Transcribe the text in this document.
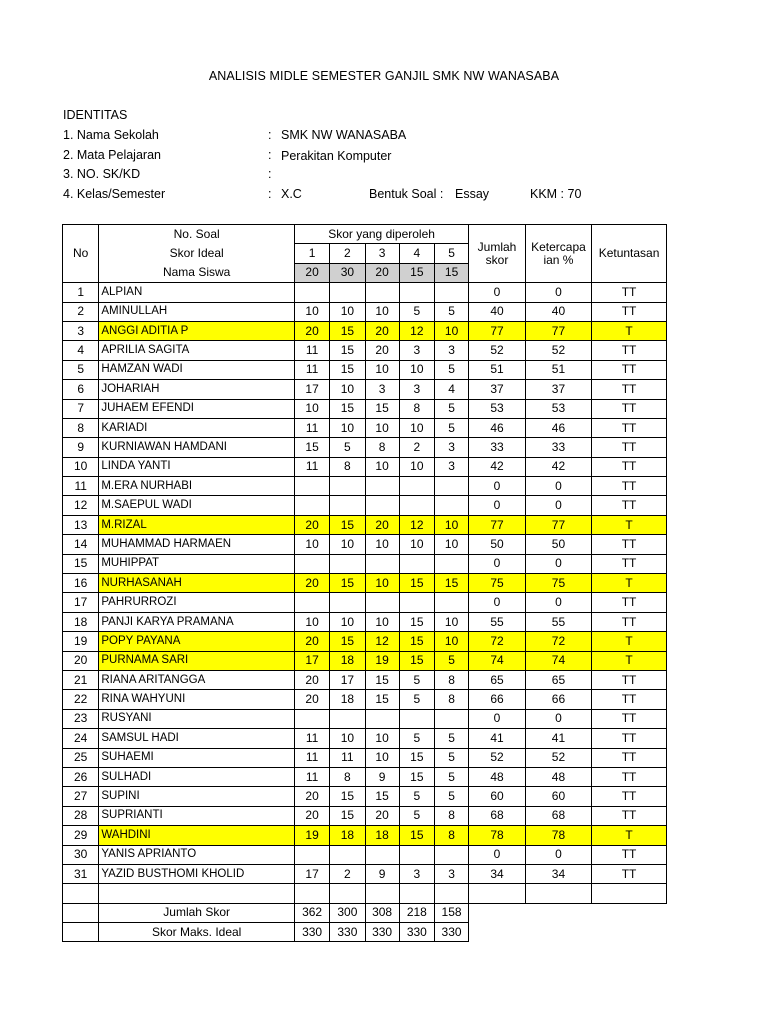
ANALISIS MIDLE SEMESTER GANJIL SMK NW WANASABA
IDENTITAS
1. Nama Sekolah	: SMK NW WANASABA
2. Mata Pelajaran	: Perakitan Komputer
3. NO. SK/KD	:
4. Kelas/Semester	: X.C	Bentuk Soal : Essay	KKM : 70
No	No. Soal	Skor yang diperoleh					Jumlah skor	Ketercapa ian %	Ketuntasan
	Skor Ideal	1	2	3	4	5			
	Nama Siswa	20	30	20	15	15			
1	ALPIAN						0	0	TT
2	AMINULLAH	10	10	10	5	5	40	40	TT
3	ANGGI ADITIA P	20	15	20	12	10	77	77	T
4	APRILIA SAGITA	11	15	20	3	3	52	52	TT
5	HAMZAN WADI	11	15	10	10	5	51	51	TT
6	JOHARIAH	17	10	3	3	4	37	37	TT
7	JUHAEM EFENDI	10	15	15	8	5	53	53	TT
8	KARIADI	11	10	10	10	5	46	46	TT
9	KURNIAWAN HAMDANI	15	5	8	2	3	33	33	TT
10	LINDA YANTI	11	8	10	10	3	42	42	TT
11	M.ERA NURHABI						0	0	TT
12	M.SAEPUL WADI						0	0	TT
13	M.RIZAL	20	15	20	12	10	77	77	T
14	MUHAMMAD HARMAEN	10	10	10	10	10	50	50	TT
15	MUHIPPAT						0	0	TT
16	NURHASANAH	20	15	10	15	15	75	75	T
17	PAHRURROZI						0	0	TT
18	PANJI KARYA PRAMANA	10	10	10	15	10	55	55	TT
19	POPY PAYANA	20	15	12	15	10	72	72	T
20	PURNAMA SARI	17	18	19	15	5	74	74	T
21	RIANA ARITANGGA	20	17	15	5	8	65	65	TT
22	RINA WAHYUNI	20	18	15	5	8	66	66	TT
23	RUSYANI						0	0	TT
24	SAMSUL HADI	11	10	10	5	5	41	41	TT
25	SUHAEMI	11	11	10	15	5	52	52	TT
26	SULHADI	11	8	9	15	5	48	48	TT
27	SUPINI	20	15	15	5	5	60	60	TT
28	SUPRIANTI	20	15	20	5	8	68	68	TT
29	WAHDINI	19	18	18	15	8	78	78	T
30	YANIS APRIANTO						0	0	TT
31	YAZID BUSTHOMI KHOLID	17	2	9	3	3	34	34	TT

	Jumlah Skor	362	300	308	218	158			
	Skor Maks. Ideal	330	330	330	330	330			
